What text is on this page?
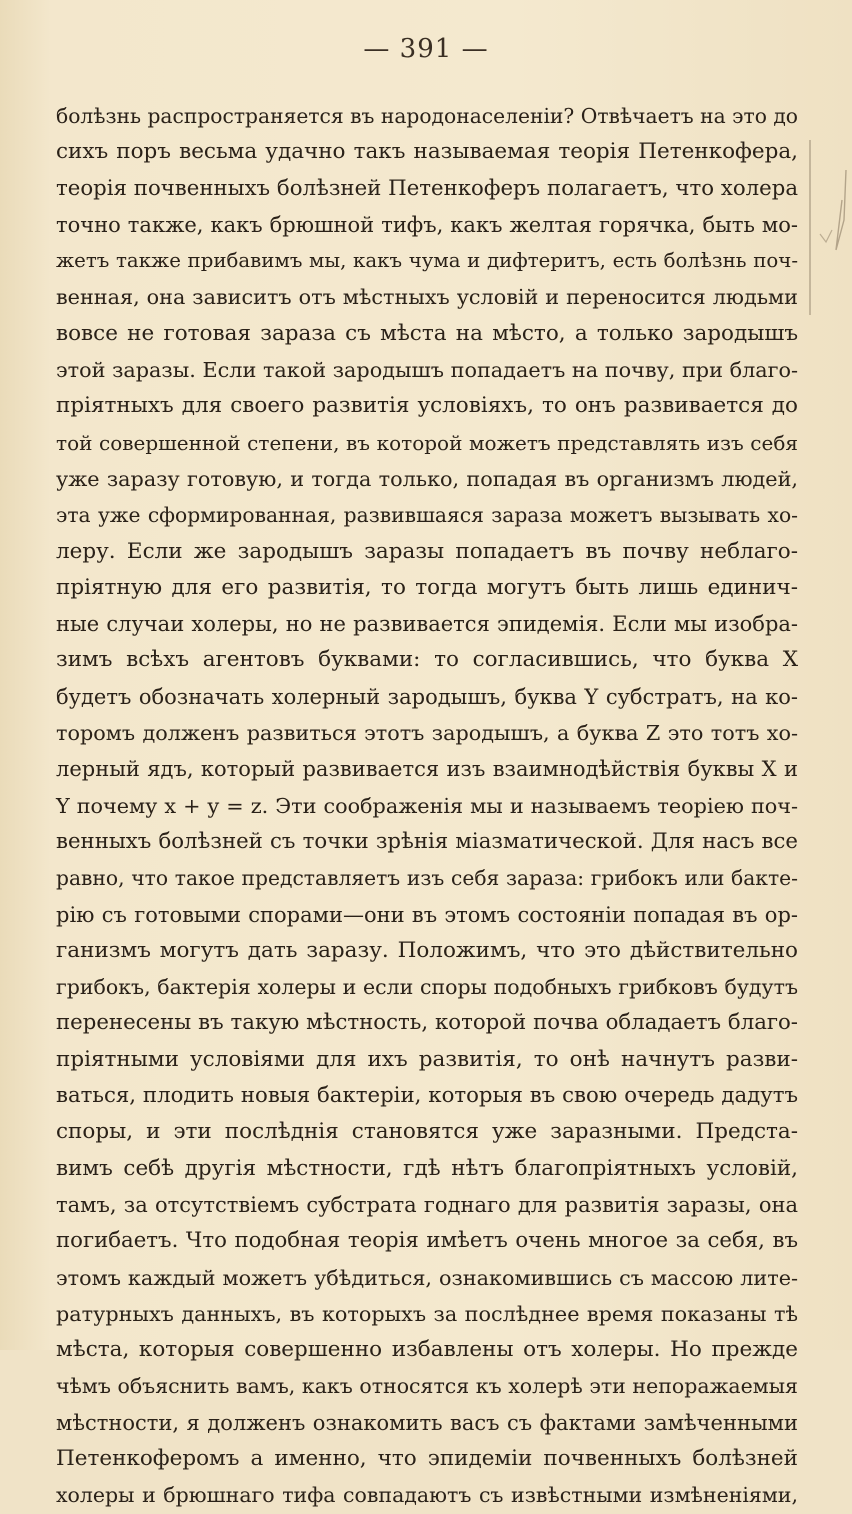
— 391 —
болѣзнь распространяется въ народонаселеніи? Отвѣчаетъ на это до
сихъ поръ весьма удачно такъ называемая теорія Петенкофера,
теорія почвенныхъ болѣзней Петенкоферъ полагаетъ, что холера
точно также, какъ брюшной тифъ, какъ желтая горячка, быть мо-
жетъ также прибавимъ мы, какъ чума и дифтеритъ, есть болѣзнь поч-
венная, она зависитъ отъ мѣстныхъ условій и переносится людьми
вовсе не готовая зараза съ мѣста на мѣсто, а только зародышъ
этой заразы. Если такой зародышъ попадаетъ на почву, при благо-
пріятныхъ для своего развитія условіяхъ, то онъ развивается до
той совершенной степени, въ которой можетъ представлять изъ себя
уже заразу готовую, и тогда только, попадая въ организмъ людей,
эта уже сформированная, развившаяся зараза можетъ вызывать хо-
леру. Если же зародышъ заразы попадаетъ въ почву неблаго-
пріятную для его развитія, то тогда могутъ быть лишь единич-
ные случаи холеры, но не развивается эпидемія. Если мы изобра-
зимъ всѣхъ агентовъ буквами: то согласившись, что буква X
будетъ обозначать холерный зародышъ, буква Y субстратъ, на ко-
торомъ долженъ развиться этотъ зародышъ, а буква Z это тотъ хо-
лерный ядъ, который развивается изъ взаимнодѣйствія буквы X и
Y почему x + y = z. Эти соображенія мы и называемъ теоріею поч-
венныхъ болѣзней съ точки зрѣнія міазматической. Для насъ все
равно, что такое представляетъ изъ себя зараза: грибокъ или бакте-
рію съ готовыми спорами—они въ этомъ состояніи попадая въ ор-
ганизмъ могутъ дать заразу. Положимъ, что это дѣйствительно
грибокъ, бактерія холеры и если споры подобныхъ грибковъ будутъ
перенесены въ такую мѣстность, которой почва обладаетъ благо-
пріятными условіями для ихъ развитія, то онѣ начнутъ разви-
ваться, плодить новыя бактеріи, которыя въ свою очередь дадутъ
споры, и эти послѣднія становятся уже заразными. Предста-
вимъ себѣ другія мѣстности, гдѣ нѣтъ благопріятныхъ условій,
тамъ, за отсутствіемъ субстрата годнаго для развитія заразы, она
погибаетъ. Что подобная теорія имѣетъ очень многое за себя, въ
этомъ каждый можетъ убѣдиться, ознакомившись съ массою лите-
ратурныхъ данныхъ, въ которыхъ за послѣднее время показаны тѣ
мѣста, которыя совершенно избавлены отъ холеры. Но прежде
чѣмъ объяснить вамъ, какъ относятся къ холерѣ эти непоражаемыя
мѣстности, я долженъ ознакомить васъ съ фактами замѣченными
Петенкоферомъ а именно, что эпидеміи почвенныхъ болѣзней
холеры и брюшнаго тифа совпадаютъ съ извѣстными измѣненіями,
